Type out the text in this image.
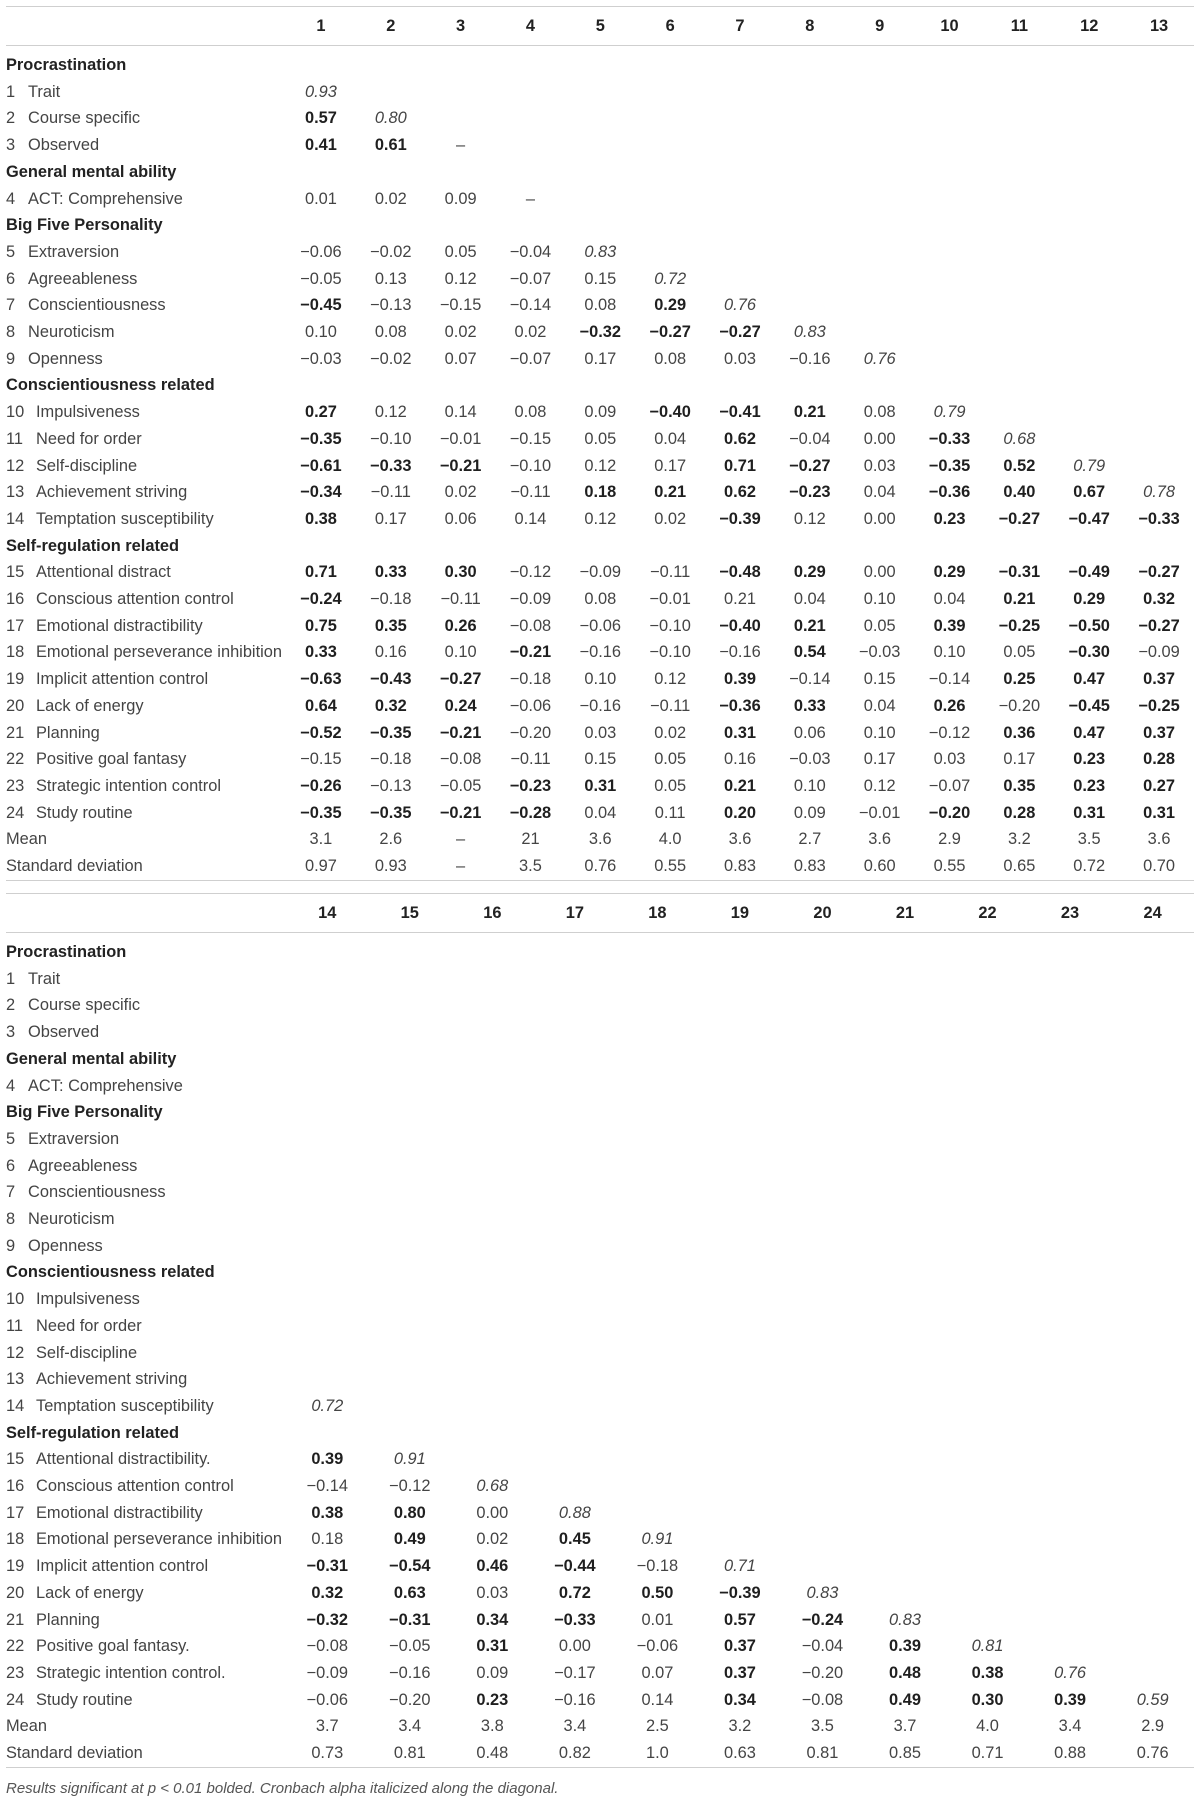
	1	2	3	4	5	6	7	8	9	10	11	12	13

Procrastination													
1 Trait	0.93												
2 Course specific	0.57	0.80											
3 Observed	0.41	0.61	–										
General mental ability													
4 ACT: Comprehensive	0.01	0.02	0.09	–									
Big Five Personality													
5 Extraversion	−0.06	−0.02	0.05	−0.04	0.83								
6 Agreeableness	−0.05	0.13	0.12	−0.07	0.15	0.72							
7 Conscientiousness	−0.45	−0.13	−0.15	−0.14	0.08	0.29	0.76						
8 Neuroticism	0.10	0.08	0.02	0.02	−0.32	−0.27	−0.27	0.83					
9 Openness	−0.03	−0.02	0.07	−0.07	0.17	0.08	0.03	−0.16	0.76				
Conscientiousness related													
10 Impulsiveness	0.27	0.12	0.14	0.08	0.09	−0.40	−0.41	0.21	0.08	0.79			
11 Need for order	−0.35	−0.10	−0.01	−0.15	0.05	0.04	0.62	−0.04	0.00	−0.33	0.68		
12 Self-discipline	−0.61	−0.33	−0.21	−0.10	0.12	0.17	0.71	−0.27	0.03	−0.35	0.52	0.79	
13 Achievement striving	−0.34	−0.11	0.02	−0.11	0.18	0.21	0.62	−0.23	0.04	−0.36	0.40	0.67	0.78
14 Temptation susceptibility	0.38	0.17	0.06	0.14	0.12	0.02	−0.39	0.12	0.00	0.23	−0.27	−0.47	−0.33
Self-regulation related													
15 Attentional distract	0.71	0.33	0.30	−0.12	−0.09	−0.11	−0.48	0.29	0.00	0.29	−0.31	−0.49	−0.27
16 Conscious attention control	−0.24	−0.18	−0.11	−0.09	0.08	−0.01	0.21	0.04	0.10	0.04	0.21	0.29	0.32
17 Emotional distractibility	0.75	0.35	0.26	−0.08	−0.06	−0.10	−0.40	0.21	0.05	0.39	−0.25	−0.50	−0.27
18 Emotional perseverance inhibition	0.33	0.16	0.10	−0.21	−0.16	−0.10	−0.16	0.54	−0.03	0.10	0.05	−0.30	−0.09
19 Implicit attention control	−0.63	−0.43	−0.27	−0.18	0.10	0.12	0.39	−0.14	0.15	−0.14	0.25	0.47	0.37
20 Lack of energy	0.64	0.32	0.24	−0.06	−0.16	−0.11	−0.36	0.33	0.04	0.26	−0.20	−0.45	−0.25
21 Planning	−0.52	−0.35	−0.21	−0.20	0.03	0.02	0.31	0.06	0.10	−0.12	0.36	0.47	0.37
22 Positive goal fantasy	−0.15	−0.18	−0.08	−0.11	0.15	0.05	0.16	−0.03	0.17	0.03	0.17	0.23	0.28
23 Strategic intention control	−0.26	−0.13	−0.05	−0.23	0.31	0.05	0.21	0.10	0.12	−0.07	0.35	0.23	0.27
24 Study routine	−0.35	−0.35	−0.21	−0.28	0.04	0.11	0.20	0.09	−0.01	−0.20	0.28	0.31	0.31
Mean	3.1	2.6	–	21	3.6	4.0	3.6	2.7	3.6	2.9	3.2	3.5	3.6
Standard deviation	0.97	0.93	–	3.5	0.76	0.55	0.83	0.83	0.60	0.55	0.65	0.72	0.70
	14	15	16	17	18	19	20	21	22	23	24

Procrastination											
1 Trait											
2 Course specific											
3 Observed											
General mental ability											
4 ACT: Comprehensive											
Big Five Personality											
5 Extraversion											
6 Agreeableness											
7 Conscientiousness											
8 Neuroticism											
9 Openness											
Conscientiousness related											
10 Impulsiveness											
11 Need for order											
12 Self-discipline											
13 Achievement striving											
14 Temptation susceptibility	0.72										
Self-regulation related											
15 Attentional distractibility.	0.39	0.91									
16 Conscious attention control	−0.14	−0.12	0.68								
17 Emotional distractibility	0.38	0.80	0.00	0.88							
18 Emotional perseverance inhibition	0.18	0.49	0.02	0.45	0.91						
19 Implicit attention control	−0.31	−0.54	0.46	−0.44	−0.18	0.71					
20 Lack of energy	0.32	0.63	0.03	0.72	0.50	−0.39	0.83				
21 Planning	−0.32	−0.31	0.34	−0.33	0.01	0.57	−0.24	0.83			
22 Positive goal fantasy.	−0.08	−0.05	0.31	0.00	−0.06	0.37	−0.04	0.39	0.81		
23 Strategic intention control.	−0.09	−0.16	0.09	−0.17	0.07	0.37	−0.20	0.48	0.38	0.76	
24 Study routine	−0.06	−0.20	0.23	−0.16	0.14	0.34	−0.08	0.49	0.30	0.39	0.59
Mean	3.7	3.4	3.8	3.4	2.5	3.2	3.5	3.7	4.0	3.4	2.9
Standard deviation	0.73	0.81	0.48	0.82	1.0	0.63	0.81	0.85	0.71	0.88	0.76
Results significant at p < 0.01 bolded. Cronbach alpha italicized along the diagonal.
